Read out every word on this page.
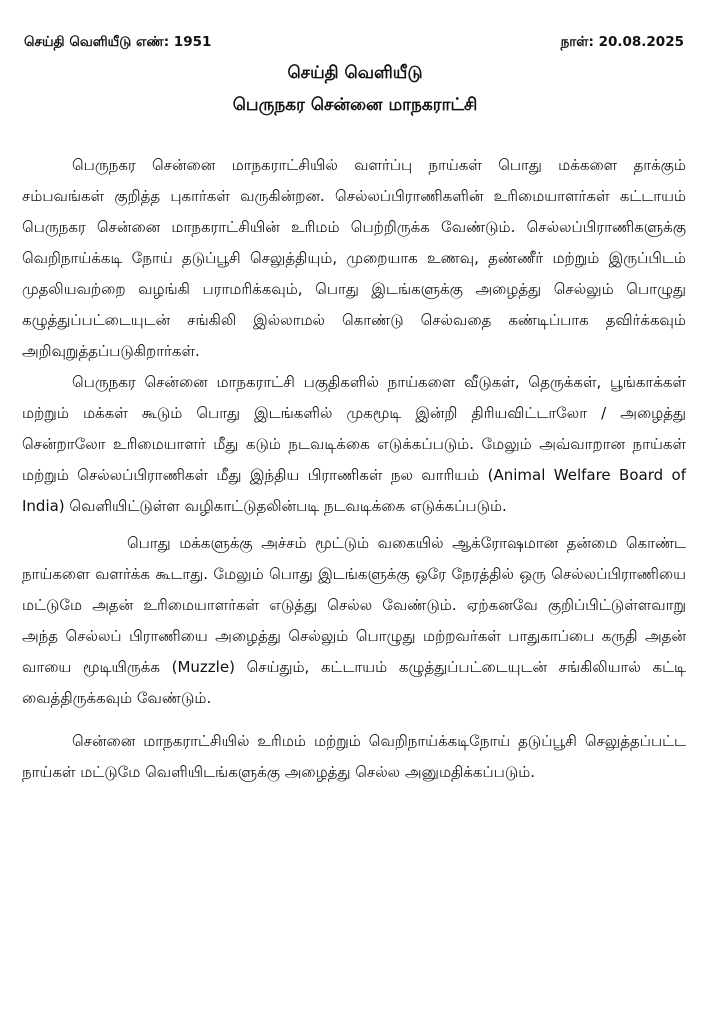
செய்தி வெளியீடு எண்: 1951	நாள்: 20.08.2025
செய்தி வெளியீடு
பெருநகர சென்னை மாநகராட்சி

பெருநகர சென்னை மாநகராட்சியில் வளர்ப்பு நாய்கள் பொது மக்களை தாக்கும் சம்பவங்கள் குறித்த புகார்கள் வருகின்றன. செல்லப்பிராணிகளின் உரிமையாளர்கள் கட்டாயம் பெருநகர சென்னை மாநகராட்சியின் உரிமம் பெற்றிருக்க வேண்டும். செல்லப்பிராணிகளுக்கு வெறிநாய்க்கடி நோய் தடுப்பூசி செலுத்தியும், முறையாக உணவு, தண்ணீர் மற்றும் இருப்பிடம் முதலியவற்றை வழங்கி பராமரிக்கவும், பொது இடங்களுக்கு அழைத்து செல்லும் பொழுது கழுத்துப்பட்டையுடன் சங்கிலி இல்லாமல் கொண்டு செல்வதை கண்டிப்பாக தவிர்க்கவும் அறிவுறுத்தப்படுகிறார்கள்.

பெருநகர சென்னை மாநகராட்சி பகுதிகளில் நாய்களை வீடுகள், தெருக்கள், பூங்காக்கள் மற்றும் மக்கள் கூடும் பொது இடங்களில் முகமூடி இன்றி திரியவிட்டாலோ / அழைத்து சென்றாலோ உரிமையாளர் மீது கடும் நடவடிக்கை எடுக்கப்படும். மேலும் அவ்வாறான நாய்கள் மற்றும் செல்லப்பிராணிகள் மீது இந்திய பிராணிகள் நல வாரியம் (Animal Welfare Board of India) வெளியிட்டுள்ள வழிகாட்டுதலின்படி நடவடிக்கை எடுக்கப்படும்.

பொது மக்களுக்கு அச்சம் மூட்டும் வகையில் ஆக்ரோஷமான தன்மை கொண்ட நாய்களை வளர்க்க கூடாது. மேலும் பொது இடங்களுக்கு ஒரே நேரத்தில் ஒரு செல்லப்பிராணியை மட்டுமே அதன் உரிமையாளர்கள் எடுத்து செல்ல வேண்டும். ஏற்கனவே குறிப்பிட்டுள்ளவாறு அந்த செல்லப் பிராணியை அழைத்து செல்லும் பொழுது மற்றவர்கள் பாதுகாப்பை கருதி அதன் வாயை மூடியிருக்க (Muzzle) செய்தும், கட்டாயம் கழுத்துப்பட்டையுடன் சங்கிலியால் கட்டி வைத்திருக்கவும் வேண்டும்.

சென்னை மாநகராட்சியில் உரிமம் மற்றும் வெறிநாய்க்கடிநோய் தடுப்பூசி செலுத்தப்பட்ட நாய்கள் மட்டுமே வெளியிடங்களுக்கு அழைத்து செல்ல அனுமதிக்கப்படும்.
